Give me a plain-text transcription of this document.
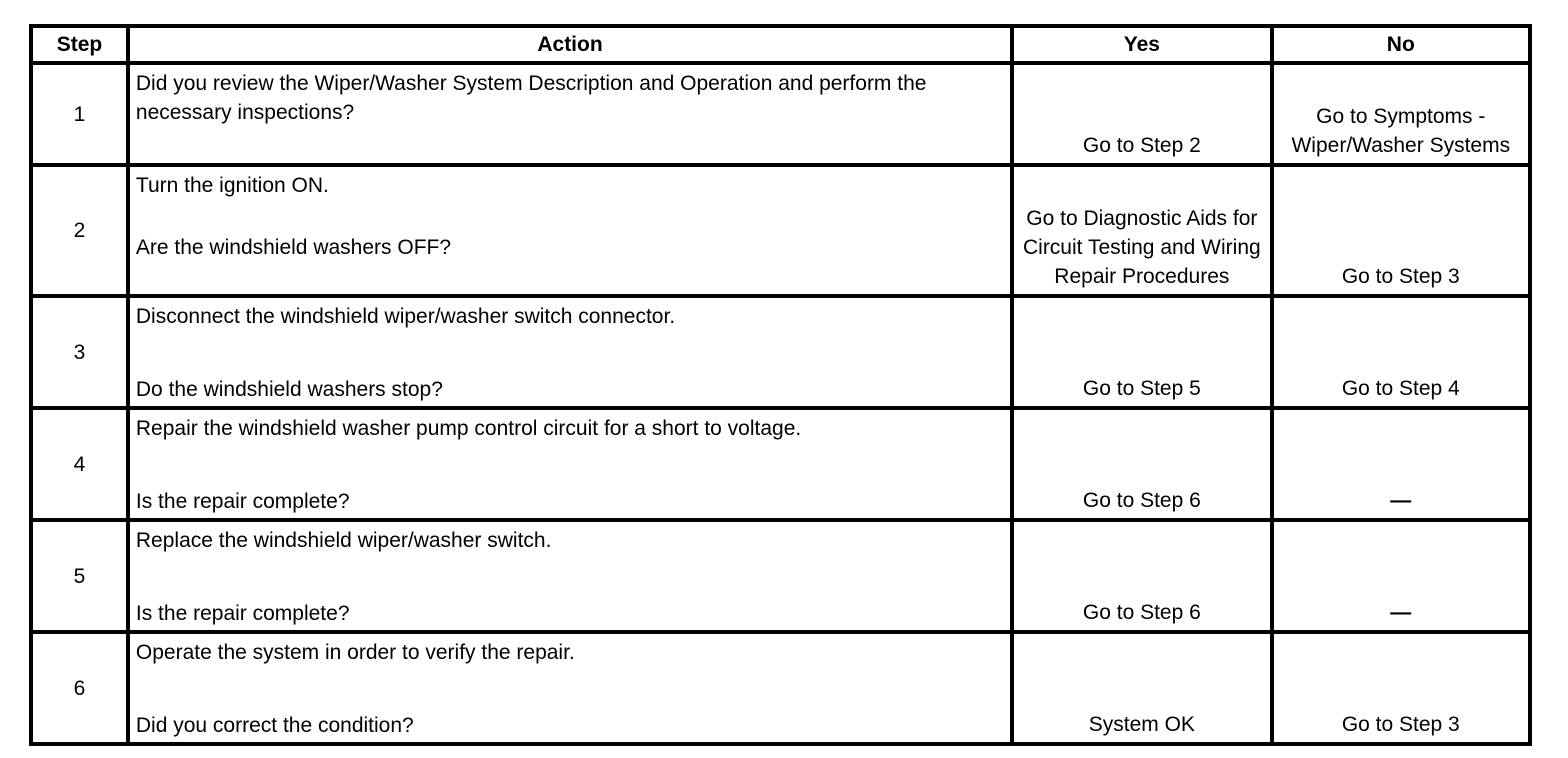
Step	Action	Yes	No
1	Did you review the Wiper/Washer System Description and Operation and perform the necessary inspections?	Go to Step 2	Go to Symptoms - Wiper/Washer Systems
2	Turn the ignition ON.
Are the windshield washers OFF?	Go to Diagnostic Aids for Circuit Testing and Wiring Repair Procedures	Go to Step 3
3	Disconnect the windshield wiper/washer switch connector.
Do the windshield washers stop?	Go to Step 5	Go to Step 4
4	Repair the windshield washer pump control circuit for a short to voltage.
Is the repair complete?	Go to Step 6	—
5	Replace the windshield wiper/washer switch.
Is the repair complete?	Go to Step 6	—
6	Operate the system in order to verify the repair.
Did you correct the condition?	System OK	Go to Step 3
